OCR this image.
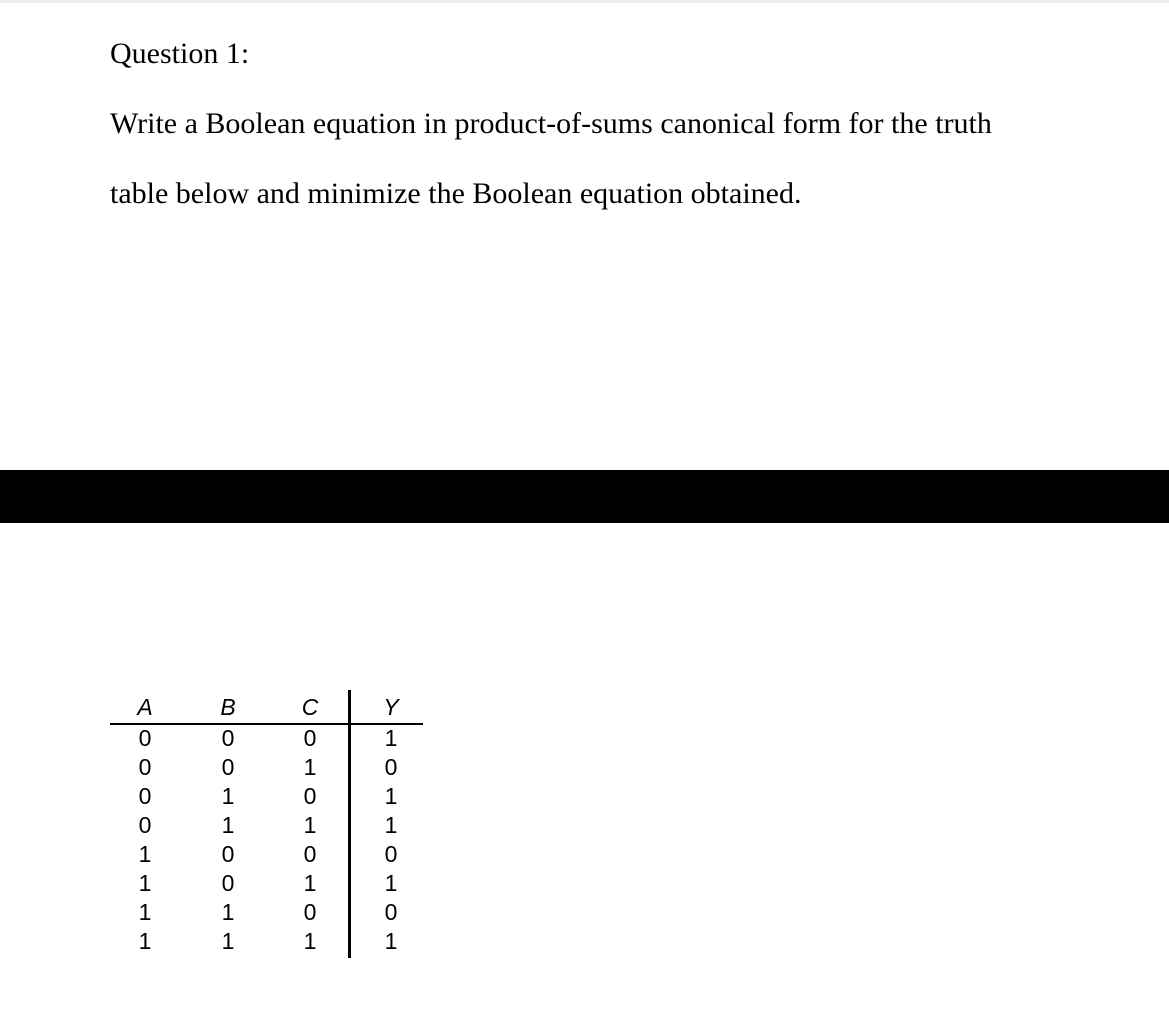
Question 1:
Write a Boolean equation in product-of-sums canonical form for the truth
table below and minimize the Boolean equation obtained.
A
0
0
0
0
1
1
1
1
B
0
0
1
1
0
0
1
1
C
0
1
0
1
0
1
0
1
Y
1
0
1
1
0
1
0
1
